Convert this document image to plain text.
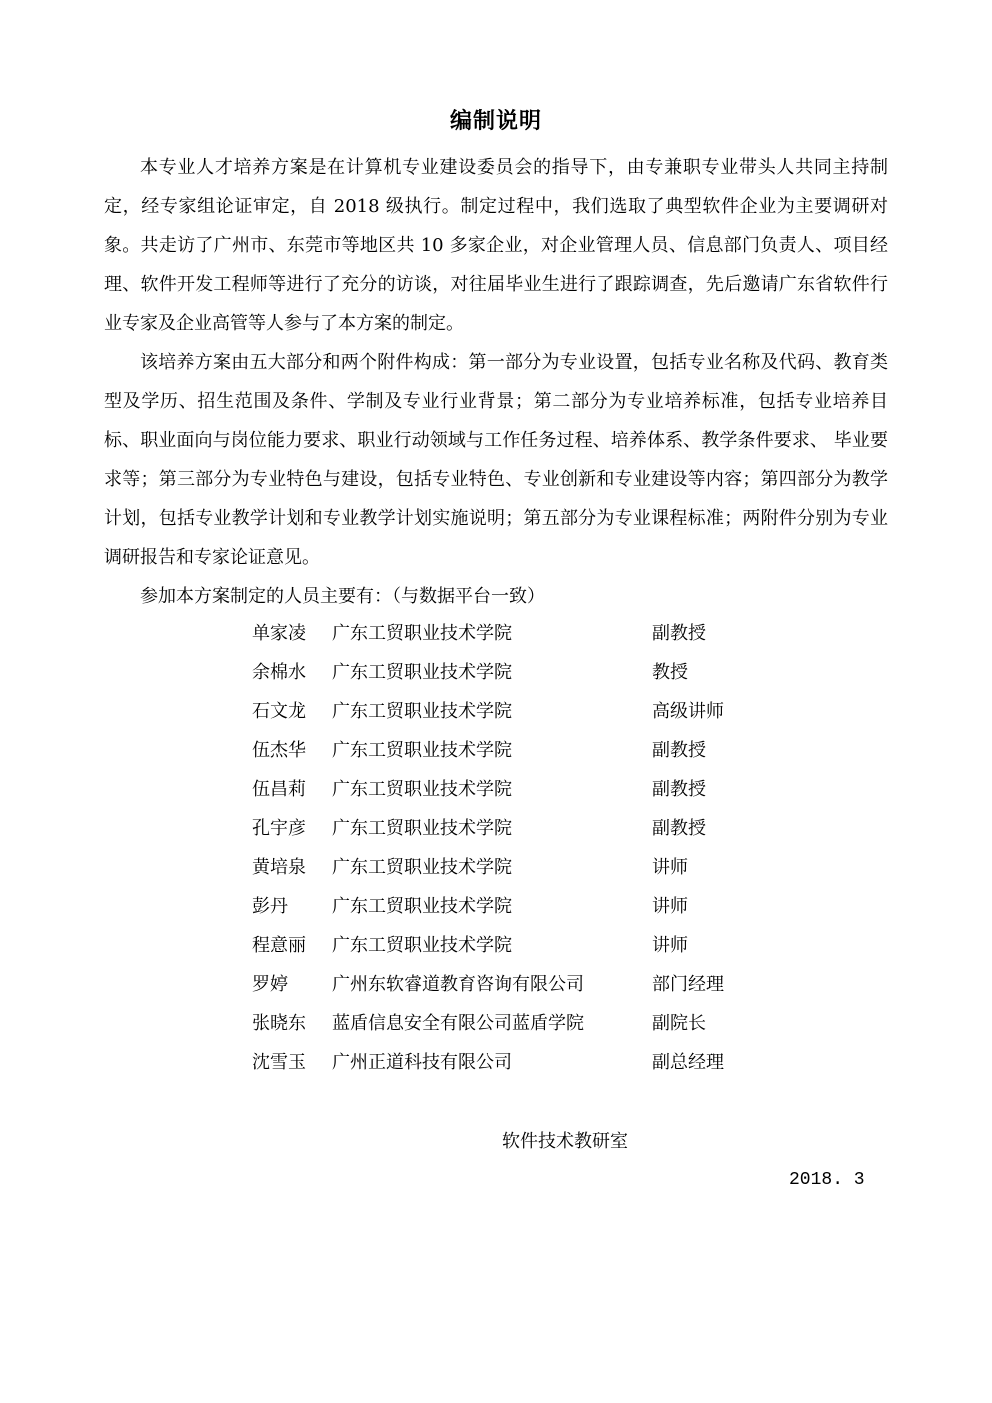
编制说明

本专业人才培养方案是在计算机专业建设委员会的指导下，由专兼职专业带头人共同主持制定，经专家组论证审定，自 2018 级执行。制定过程中，我们选取了典型软件企业为主要调研对象。共走访了广州市、东莞市等地区共 10 多家企业，对企业管理人员、信息部门负责人、项目经理、软件开发工程师等进行了充分的访谈，对往届毕业生进行了跟踪调查，先后邀请广东省软件行业专家及企业高管等人参与了本方案的制定。

该培养方案由五大部分和两个附件构成：第一部分为专业设置，包括专业名称及代码、教育类型及学历、招生范围及条件、学制及专业行业背景；第二部分为专业培养标准，包括专业培养目标、职业面向与岗位能力要求、职业行动领域与工作任务过程、培养体系、教学条件要求、 毕业要求等；第三部分为专业特色与建设，包括专业特色、专业创新和专业建设等内容；第四部分为教学计划，包括专业教学计划和专业教学计划实施说明；第五部分为专业课程标准；两附件分别为专业调研报告和专家论证意见。

参加本方案制定的人员主要有：（与数据平台一致）

单家凌 广东工贸职业技术学院	副教授
余棉水 广东工贸职业技术学院	教授
石文龙 广东工贸职业技术学院	高级讲师
伍杰华 广东工贸职业技术学院	副教授
伍昌莉 广东工贸职业技术学院	副教授
孔宇彦 广东工贸职业技术学院	副教授
黄培泉 广东工贸职业技术学院	讲师
彭丹 广东工贸职业技术学院	讲师
程意丽 广东工贸职业技术学院	讲师
罗婷 广州东软睿道教育咨询有限公司	部门经理
张晓东 蓝盾信息安全有限公司蓝盾学院	副院长
沈雪玉 广州正道科技有限公司	副总经理
软件技术教研室
2018. 3
